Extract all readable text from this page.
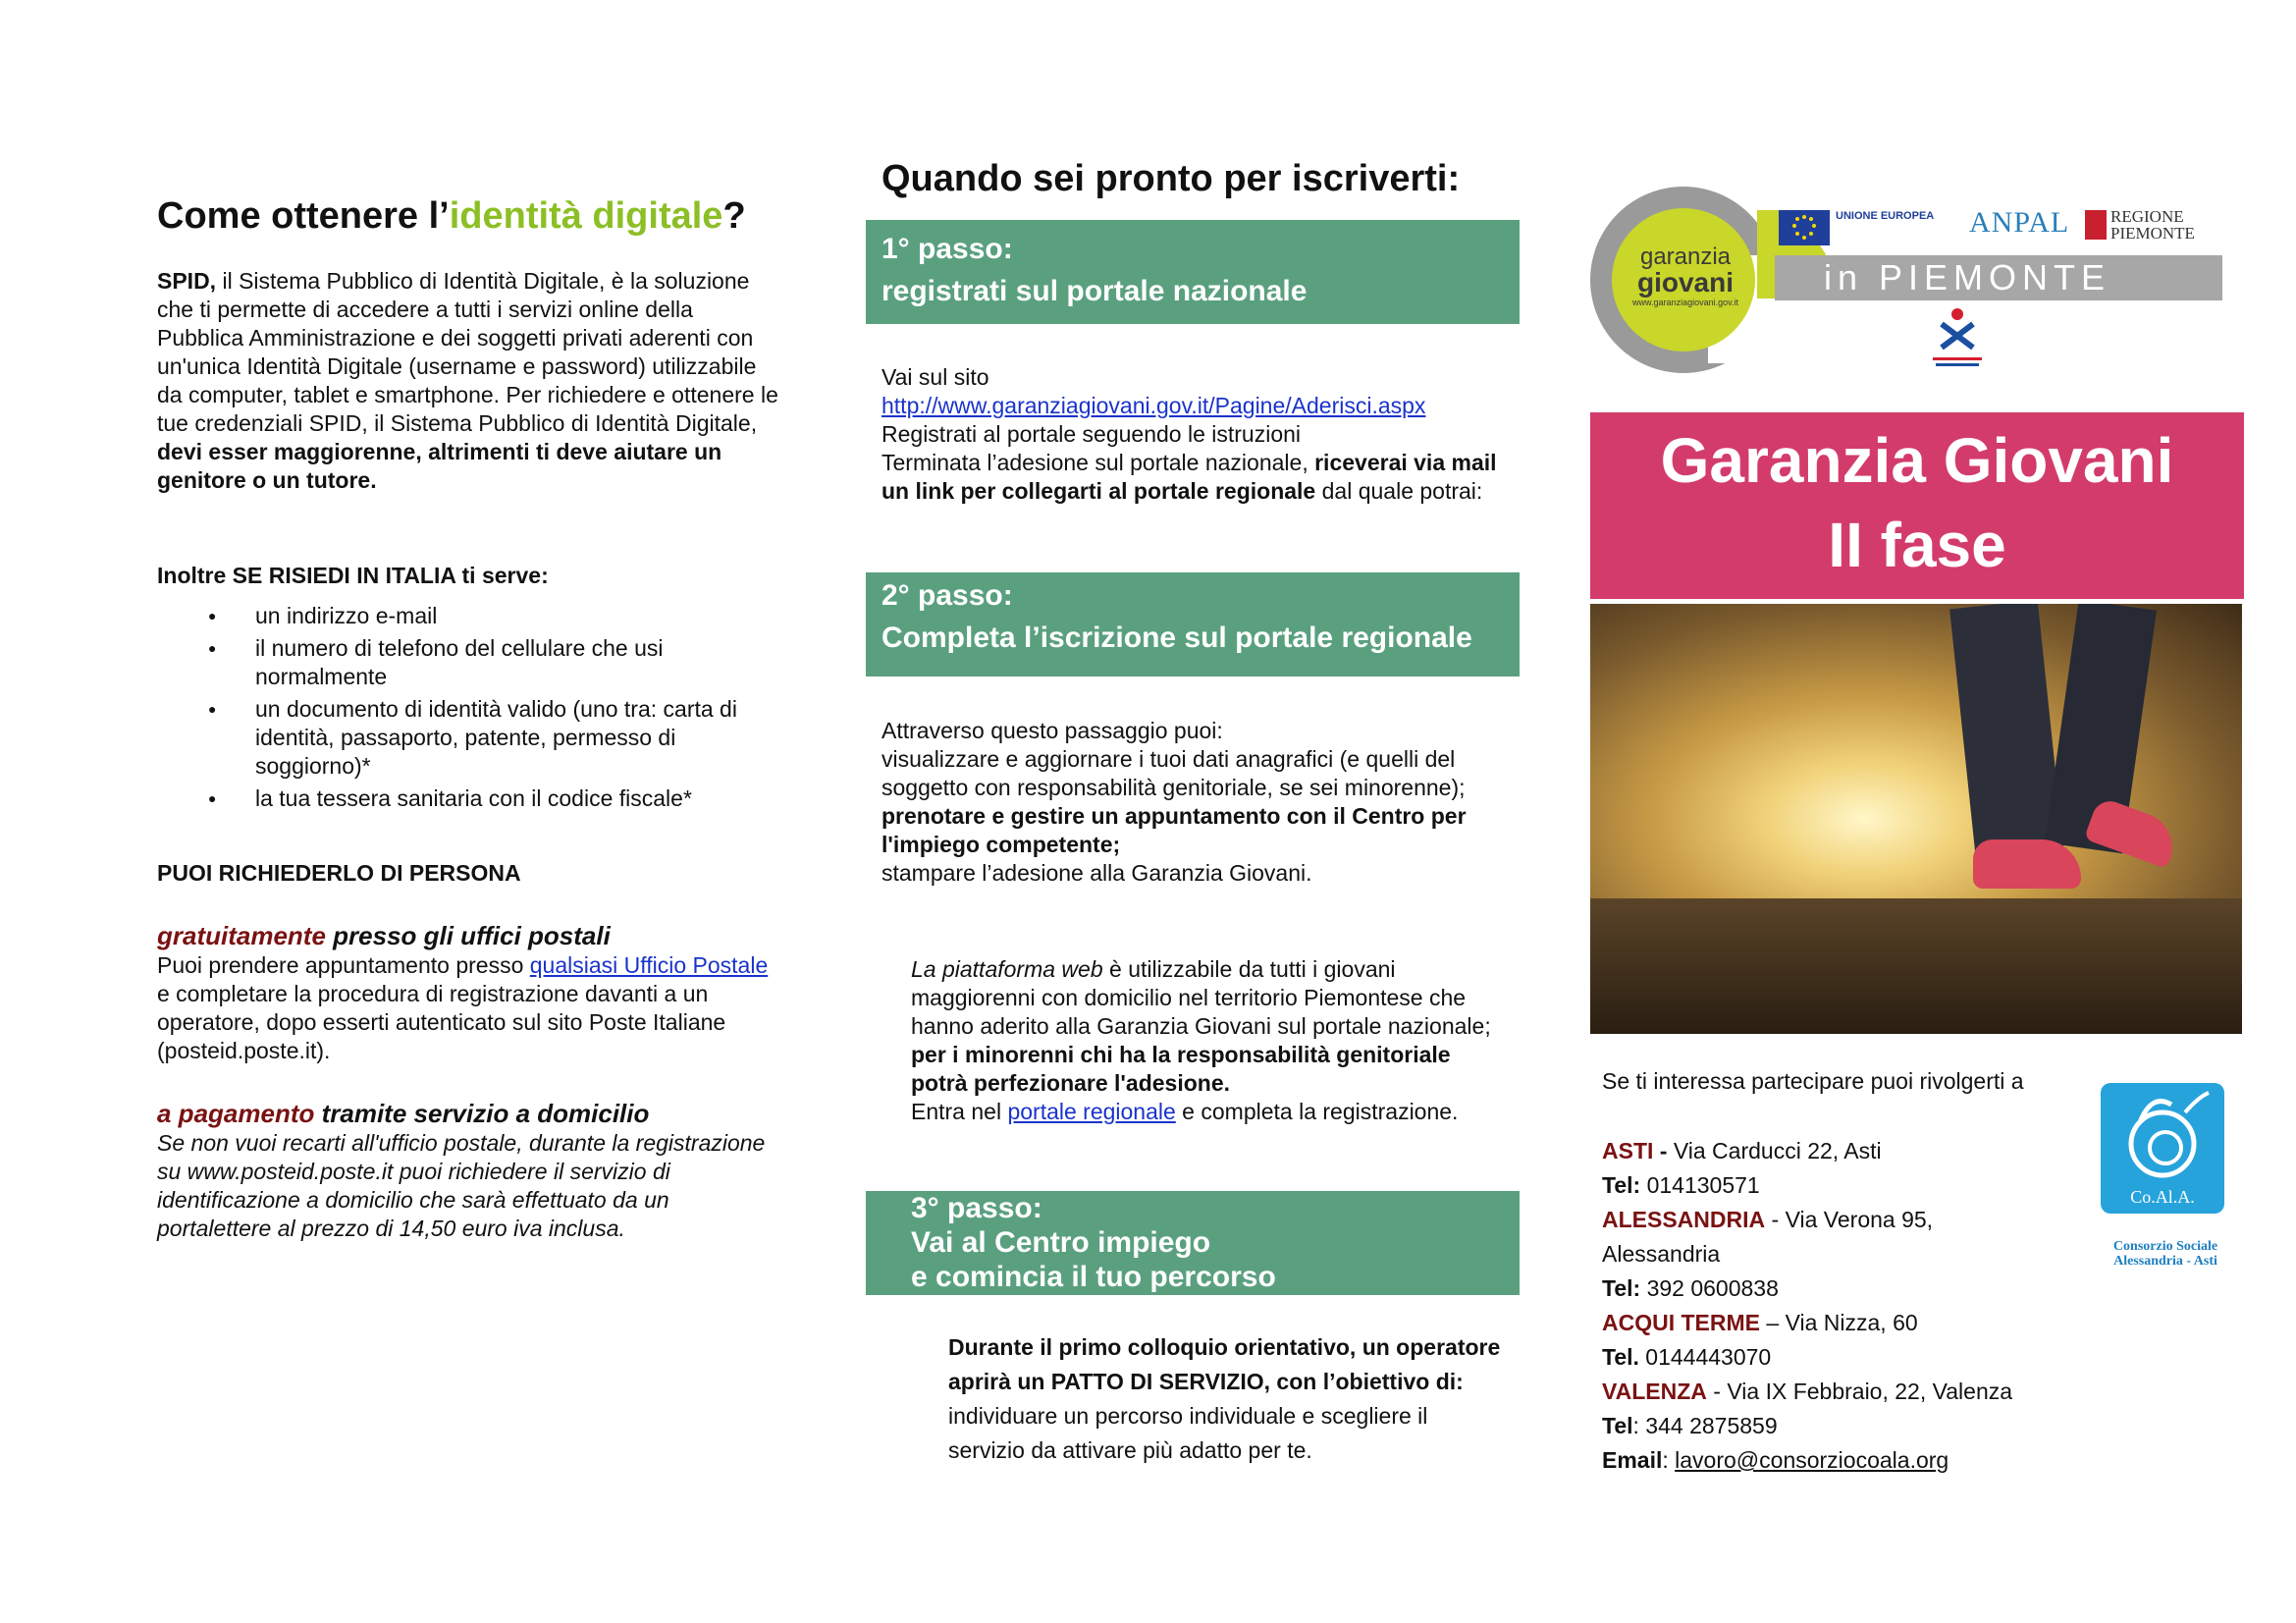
Come ottenere l’identità digitale?

SPID, il Sistema Pubblico di Identità Digitale, è la soluzione che ti permette di accedere a tutti i servizi online della Pubblica Amministrazione e dei soggetti privati aderenti con un'unica Identità Digitale (username e password) utilizzabile da computer, tablet e smartphone. Per richiedere e ottenere le tue credenziali SPID, il Sistema Pubblico di Identità Digitale, devi esser maggiorenne, altrimenti ti deve aiutare un genitore o un tutore.

Inoltre SE RISIEDI IN ITALIA ti serve:

● un indirizzo e-mail
● il numero di telefono del cellulare che usi normalmente
● un documento di identità valido (uno tra: carta di identità, passaporto, patente, permesso di soggiorno)*
● la tua tessera sanitaria con il codice fiscale*

PUOI RICHIEDERLO DI PERSONA

gratuitamente presso gli uffici postali

Puoi prendere appuntamento presso qualsiasi Ufficio Postale e completare la procedura di registrazione davanti a un operatore, dopo esserti autenticato sul sito Poste Italiane (posteid.poste.it).

a pagamento tramite servizio a domicilio

Se non vuoi recarti all'ufficio postale, durante la registrazione su www.posteid.poste.it puoi richiedere il servizio di identificazione a domicilio che sarà effettuato da un portalettere al prezzo di 14,50 euro iva inclusa.

Quando sei pronto per iscriverti:
1° passo:
registrati sul portale nazionale

Vai sul sito

http://www.garanziagiovani.gov.it/Pagine/Aderisci.aspx

Registrati al portale seguendo le istruzioni

Terminata l’adesione sul portale nazionale, riceverai via mail un link per collegarti al portale regionale dal quale potrai:

2° passo:
Completa l’iscrizione sul portale regionale

Attraverso questo passaggio puoi:

visualizzare e aggiornare i tuoi dati anagrafici (e quelli del soggetto con responsabilità genitoriale, se sei minorenne);

prenotare e gestire un appuntamento con il Centro per l'impiego competente;

stampare l’adesione alla Garanzia Giovani.

La piattaforma web è utilizzabile da tutti i giovani maggiorenni con domicilio nel territorio Piemontese che hanno aderito alla Garanzia Giovani sul portale nazionale; per i minorenni chi ha la responsabilità genitoriale potrà perfezionare l'adesione.

Entra nel portale regionale e completa la registrazione.

3° passo:
Vai al Centro impiego
e comincia il tuo percorso

Durante il primo colloquio orientativo, un operatore aprirà un PATTO DI SERVIZIO, con l’obiettivo di: individuare un percorso individuale e scegliere il servizio da attivare più adatto per te.

garanzia
giovani
www.garanziagiovani.gov.it
in PIEMONTE
UNIONE EUROPEA ANPAL REGIONE PIEMONTE
Garanzia Giovani
II fase

Se ti interessa partecipare puoi rivolgerti a

ASTI - Via Carducci 22, Asti
Tel: 014130571
ALESSANDRIA - Via Verona 95, Alessandria
Tel: 392 0600838
ACQUI TERME – Via Nizza, 60
Tel. 0144443070
VALENZA - Via IX Febbraio, 22, Valenza
Tel: 344 2875859
Email: lavoro@consorziocoala.org
Co.Al.A.
Consorzio Sociale
Alessandria - Asti
